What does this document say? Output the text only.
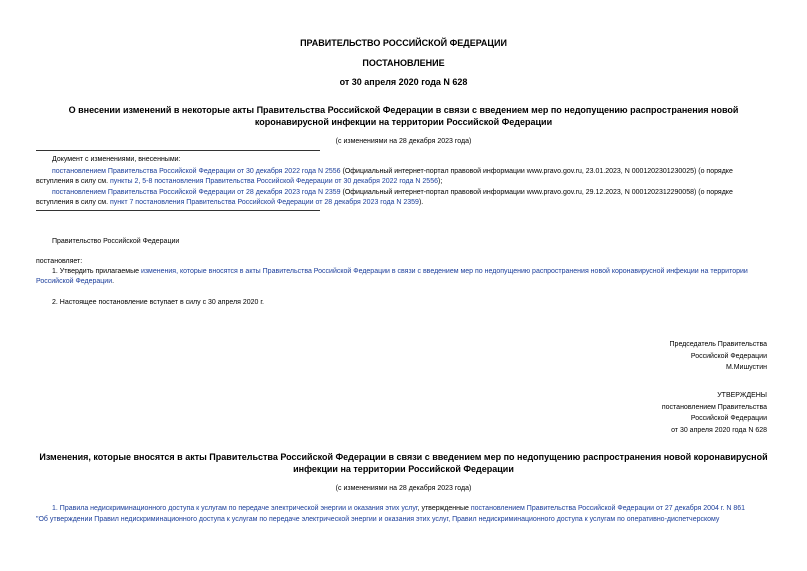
ПРАВИТЕЛЬСТВО РОССИЙСКОЙ ФЕДЕРАЦИИ
ПОСТАНОВЛЕНИЕ
от 30 апреля 2020 года N 628
О внесении изменений в некоторые акты Правительства Российской Федерации в связи с введением мер по недопущению распространения новой
коронавирусной инфекции на территории Российской Федерации
(с изменениями на 28 декабря 2023 года)
Документ с изменениями, внесенными:
постановлением Правительства Российской Федерации от 30 декабря 2022 года N 2556 (Официальный интернет-портал правовой информации www.pravo.gov.ru, 23.01.2023, N 0001202301230025) (о порядке
вступления в силу см. пункты 2, 5-8 постановления Правительства Российской Федерации от 30 декабря 2022 года N 2556);
постановлением Правительства Российской Федерации от 28 декабря 2023 года N 2359 (Официальный интернет-портал правовой информации www.pravo.gov.ru, 29.12.2023, N 0001202312290058) (о порядке
вступления в силу см. пункт 7 постановления Правительства Российской Федерации от 28 декабря 2023 года N 2359).
Правительство Российской Федерации
постановляет:
1. Утвердить прилагаемые изменения, которые вносятся в акты Правительства Российской Федерации в связи с введением мер по недопущению распространения новой коронавирусной инфекции на территории
Российской Федерации.
2. Настоящее постановление вступает в силу с 30 апреля 2020 г.
Председатель Правительства
Российской Федерации
М.Мишустин
УТВЕРЖДЕНЫ
постановлением Правительства
Российской Федерации
от 30 апреля 2020 года N 628
Изменения, которые вносятся в акты Правительства Российской Федерации в связи с введением мер по недопущению распространения новой коронавирусной
инфекции на территории Российской Федерации
(с изменениями на 28 декабря 2023 года)
1. Правила недискриминационного доступа к услугам по передаче электрической энергии и оказания этих услуг, утвержденные постановлением Правительства Российской Федерации от 27 декабря 2004 г. N 861
"Об утверждении Правил недискриминационного доступа к услугам по передаче электрической энергии и оказания этих услуг, Правил недискриминационного доступа к услугам по оперативно-диспетчерскому
